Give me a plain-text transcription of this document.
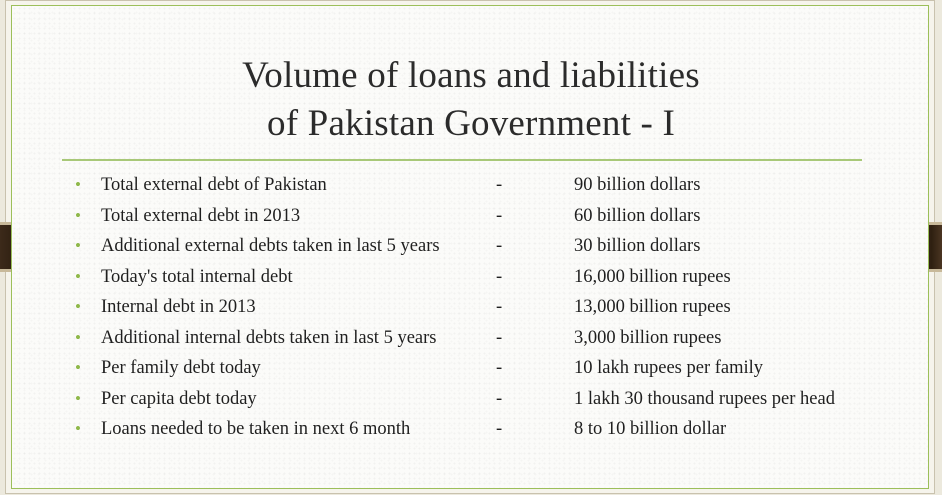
Volume of loans and liabilities
of Pakistan Government - I
• Total external debt of Pakistan	-	90 billion dollars
• Total external debt in 2013	-	60 billion dollars
• Additional external debts taken in last 5 years	-	30 billion dollars
• Today's total internal debt	-	16,000 billion rupees
• Internal debt in 2013	-	13,000 billion rupees
• Additional internal debts taken in last 5 years	-	3,000 billion rupees
• Per family debt today	-	10 lakh rupees per family
• Per capita debt today	-	1 lakh 30 thousand rupees per head
• Loans needed to be taken in next 6 month	-	8 to 10 billion dollar
